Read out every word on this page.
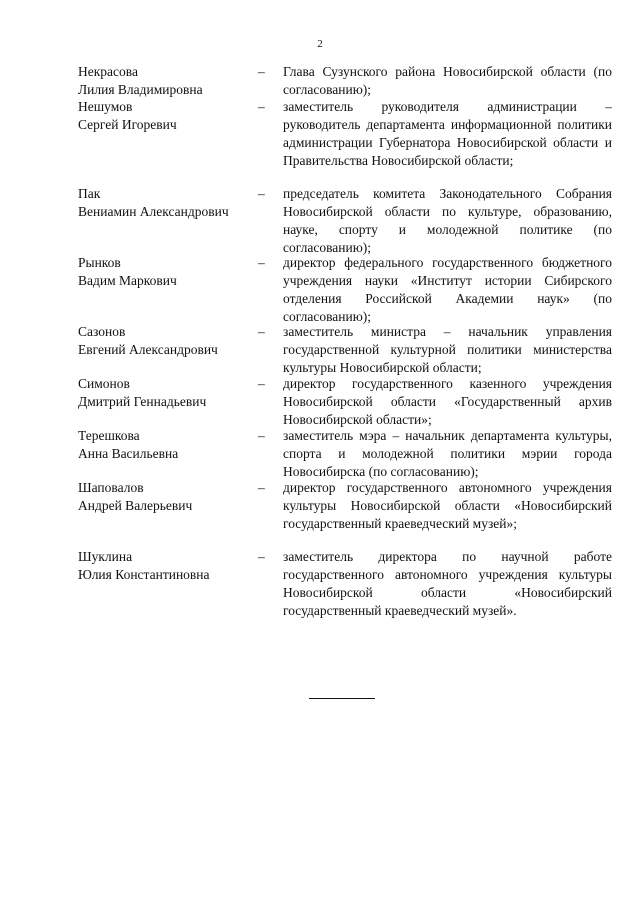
2
Некрасова
Лилия Владимировна
– Глава Сузунского района Новосибирской области (по согласованию);
Нешумов
Сергей Игоревич
– заместитель руководителя администрации – руководитель департамента информационной политики администрации Губернатора Новосибирской области и Правительства Новосибирской области;
Пак
Вениамин Александрович
– председатель комитета Законодательного Собрания Новосибирской области по культуре, образованию, науке, спорту и молодежной политике (по согласованию);
Рынков
Вадим Маркович
– директор федерального государственного бюджетного учреждения науки «Институт истории Сибирского отделения Российской Академии наук» (по согласованию);
Сазонов
Евгений Александрович
– заместитель министра – начальник управления государственной культурной политики министерства культуры Новосибирской области;
Симонов
Дмитрий Геннадьевич
– директор государственного казенного учреждения Новосибирской области «Государственный архив Новосибирской области»;
Терешкова
Анна Васильевна
– заместитель мэра – начальник департамента культуры, спорта и молодежной политики мэрии города Новосибирска (по согласованию);
Шаповалов
Андрей Валерьевич
– директор государственного автономного учреждения культуры Новосибирской области «Новосибирский государственный краеведческий музей»;
Шуклина
Юлия Константиновна
– заместитель директора по научной работе государственного автономного учреждения культуры Новосибирской области «Новосибирский государственный краеведческий музей».
